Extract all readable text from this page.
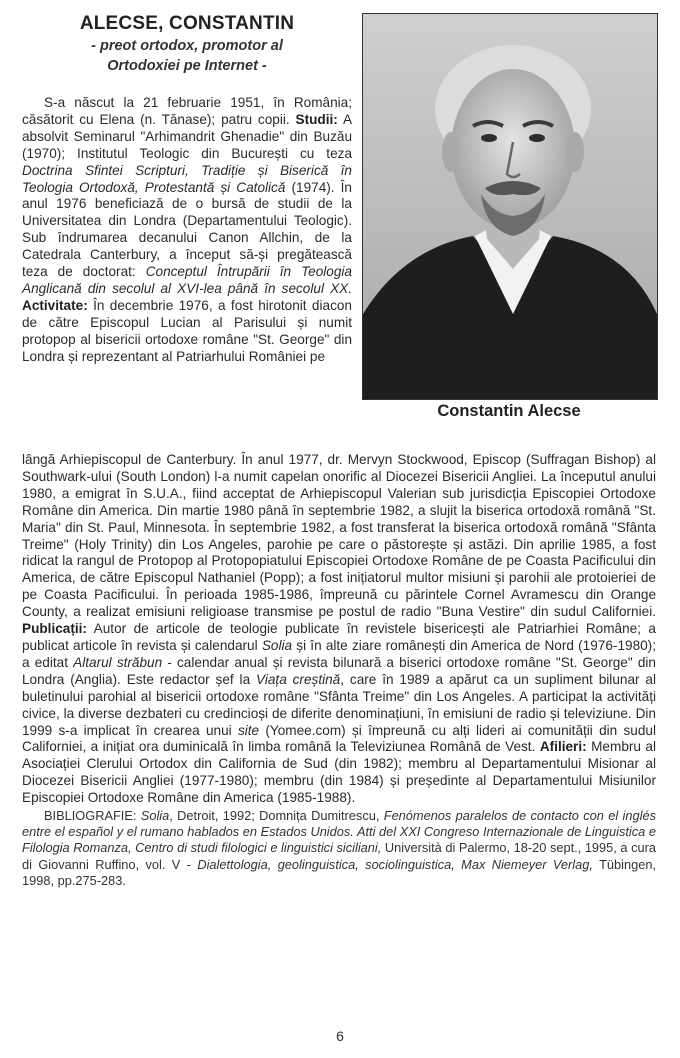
ALECSE, CONSTANTIN
- preot ortodox, promotor al
Ortodoxiei pe Internet -
Constantin Alecse
S-a născut la 21 februarie 1951, în România; căsătorit cu Elena (n. Tănase); patru copii. Studii: A absolvit Seminarul "Arhimandrit Ghenadie" din Buzău (1970); Institutul Teologic din București cu teza Doctrina Sfintei Scripturi, Tradiție și Biserică în Teologia Ortodoxă, Protestantă și Catolică (1974). În anul 1976 beneficiază de o bursă de studii de la Universitatea din Londra (Departamentului Teologic). Sub îndrumarea decanului Canon Allchin, de la Catedrala Canterbury, a început să-și pregătească teza de doctorat: Conceptul Întrupării în Teologia Anglicană din secolul al XVI-lea până în secolul XX. Activitate: În decembrie 1976, a fost hirotonit diacon de către Episcopul Lucian al Parisului și numit protopop al bisericii ortodoxe române "St. George" din Londra și reprezentant al Patriarhului României pe
lângă Arhiepiscopul de Canterbury. În anul 1977, dr. Mervyn Stockwood, Episcop (Suffragan Bishop) al Southwark-ului (South London) l-a numit capelan onorific al Diocezei Bisericii Angliei. La începutul anului 1980, a emigrat în S.U.A., fiind acceptat de Arhiepiscopul Valerian sub jurisdicția Episcopiei Ortodoxe Române din America. Din martie 1980 până în septembrie 1982, a slujit la biserica ortodoxă română "St. Maria" din St. Paul, Minnesota. În septembrie 1982, a fost transferat la biserica ortodoxă română "Sfânta Treime" (Holy Trinity) din Los Angeles, parohie pe care o păstorește și astăzi. Din aprilie 1985, a fost ridicat la rangul de Protopop al Protopopiatului Episcopiei Ortodoxe Române de pe Coasta Pacificului din America, de către Episcopul Nathaniel (Popp); a fost inițiatorul multor misiuni și parohii ale protoieriei de pe Coasta Pacificului. În perioada 1985-1986, împreună cu părintele Cornel Avramescu din Orange County, a realizat emisiuni religioase transmise pe postul de radio "Buna Vestire" din sudul Californiei. Publicații: Autor de articole de teologie publicate în revistele bisericești ale Patriarhiei Române; a publicat articole în revista și calendarul Solia și în alte ziare românești din America de Nord (1976-1980); a editat Altarul străbun - calendar anual și revista bilunară a biserici ortodoxe române "St. George" din Londra (Anglia). Este redactor șef la Viața creștină, care în 1989 a apărut ca un supliment bilunar al buletinului parohial al bisericii ortodoxe române "Sfânta Treime" din Los Angeles. A participat la activități civice, la diverse dezbateri cu credincioși de diferite denominațiuni, în emisiuni de radio și televiziune. Din 1999 s-a implicat în crearea unui site (Yomee.com) și împreună cu alți lideri ai comunității din sudul Californiei, a inițiat ora duminicală în limba română la Televiziunea Română de Vest. Afilieri: Membru al Asociației Clerului Ortodox din California de Sud (din 1982); membru al Departamentului Misionar al Diocezei Bisericii Angliei (1977-1980); membru (din 1984) și președinte al Departamentului Misiunilor Episcopiei Ortodoxe Române din America (1985-1988).
BIBLIOGRAFIE: Solia, Detroit, 1992; Domnița Dumitrescu, Fenómenos paralelos de contacto con el inglés entre el español y el rumano hablados en Estados Unidos. Atti del XXI Congreso Internazionale de Linguistica e Filologia Romanza, Centro di studi filologici e linguistici siciliani, Università di Palermo, 18-20 sept., 1995, a cura di Giovanni Ruffino, vol. V - Dialettologia, geolinguistica, sociolinguistica, Max Niemeyer Verlag, Tübingen, 1998, pp.275-283.
6
